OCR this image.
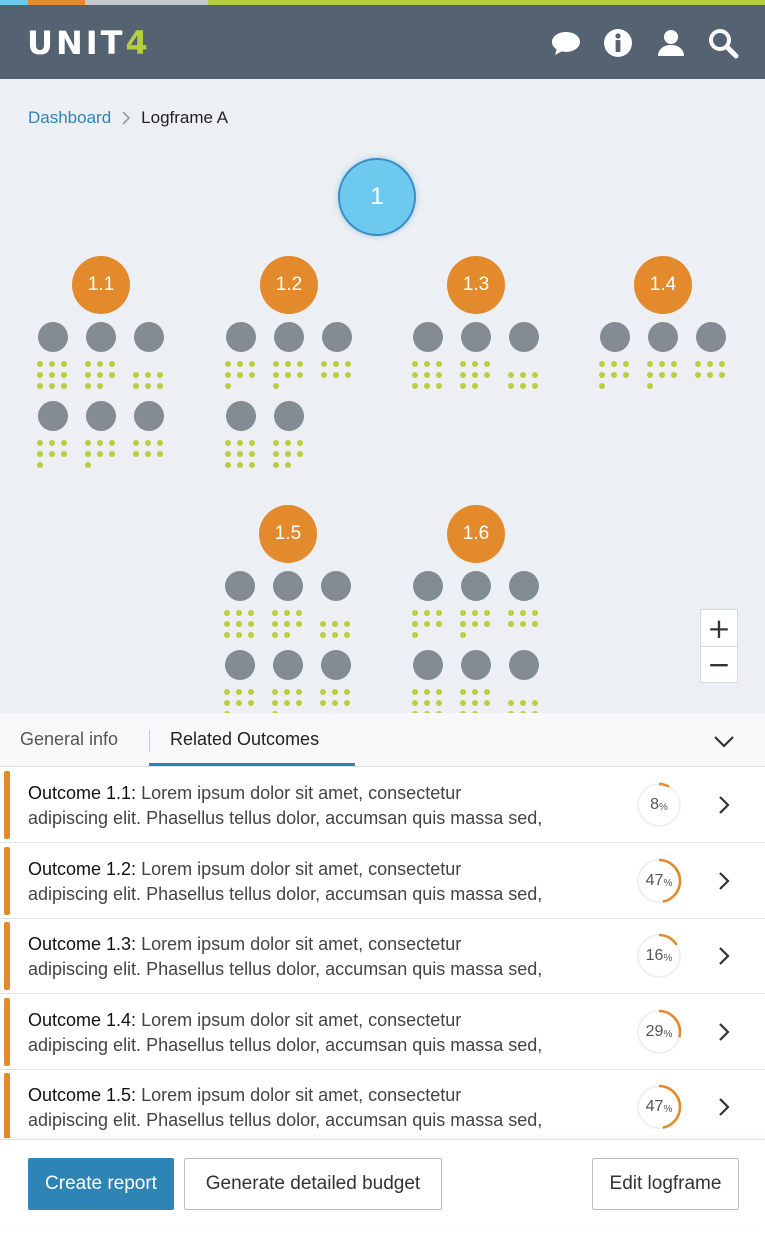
UNIT4
Dashboard Logframe A
1
1.1	1.2	1.3	1.4
1.5	1.6
+
−
General info	Related Outcomes
Outcome 1.1: Lorem ipsum dolor sit amet, consectetur
adipiscing elit. Phasellus tellus dolor, accumsan quis massa sed,
8 %
Outcome 1.2: Lorem ipsum dolor sit amet, consectetur
adipiscing elit. Phasellus tellus dolor, accumsan quis massa sed,
47 %
Outcome 1.3: Lorem ipsum dolor sit amet, consectetur
adipiscing elit. Phasellus tellus dolor, accumsan quis massa sed,
16 %
Outcome 1.4: Lorem ipsum dolor sit amet, consectetur
adipiscing elit. Phasellus tellus dolor, accumsan quis massa sed,
29 %
Outcome 1.5: Lorem ipsum dolor sit amet, consectetur
adipiscing elit. Phasellus tellus dolor, accumsan quis massa sed,
47 %
Create report	Generate detailed budget	Edit logframe
